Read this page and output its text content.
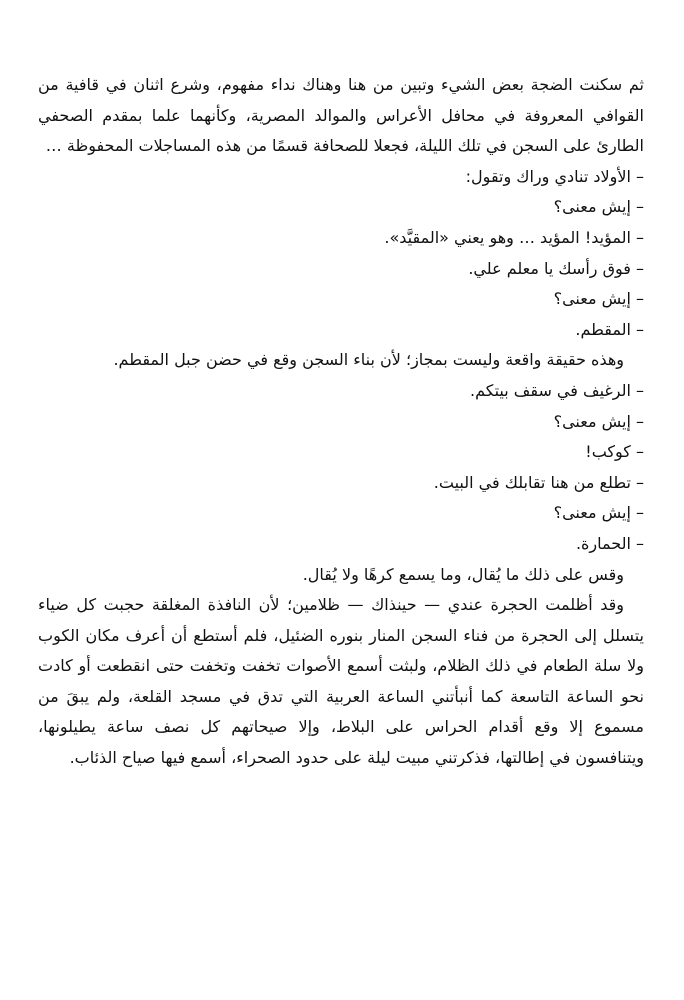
ثم سكنت الضجة بعض الشيء وتبين من هنا وهناك نداء مفهوم، وشرع اثنان في قافية من القوافي المعروفة في محافل الأعراس والموالد المصرية، وكأنهما علما بمقدم الصحفي الطارئ على السجن في تلك الليلة، فجعلا للصحافة قسمًا من هذه المساجلات المحفوظة …

– الأولاد تنادي وراك وتقول:

– إيش معنى؟

– المؤيد! المؤيد … وهو يعني «المقيَّد».

– فوق رأسك يا معلم علي.

– إيش معنى؟

– المقطم.

وهذه حقيقة واقعة وليست بمجاز؛ لأن بناء السجن وقع في حضن جبل المقطم.

– الرغيف في سقف بيتكم.

– إيش معنى؟

– كوكب!

– تطلع من هنا تقابلك في البيت.

– إيش معنى؟

– الحمارة.

وقس على ذلك ما يُقال، وما يسمع كرهًا ولا يُقال.

وقد أظلمت الحجرة عندي — حينذاك — ظلامين؛ لأن النافذة المغلقة حجبت كل ضياء يتسلل إلى الحجرة من فناء السجن المنار بنوره الضئيل، فلم أستطع أن أعرف مكان الكوب ولا سلة الطعام في ذلك الظلام، ولبثت أسمع الأصوات تخفت وتخفت حتى انقطعت أو كادت نحو الساعة التاسعة كما أنبأتني الساعة العربية التي تدق في مسجد القلعة، ولم يبقَ من مسموع إلا وقع أقدام الحراس على البلاط، وإلا صيحاتهم كل نصف ساعة يطيلونها، ويتنافسون في إطالتها، فذكرتني مبيت ليلة على حدود الصحراء، أسمع فيها صياح الذئاب.
